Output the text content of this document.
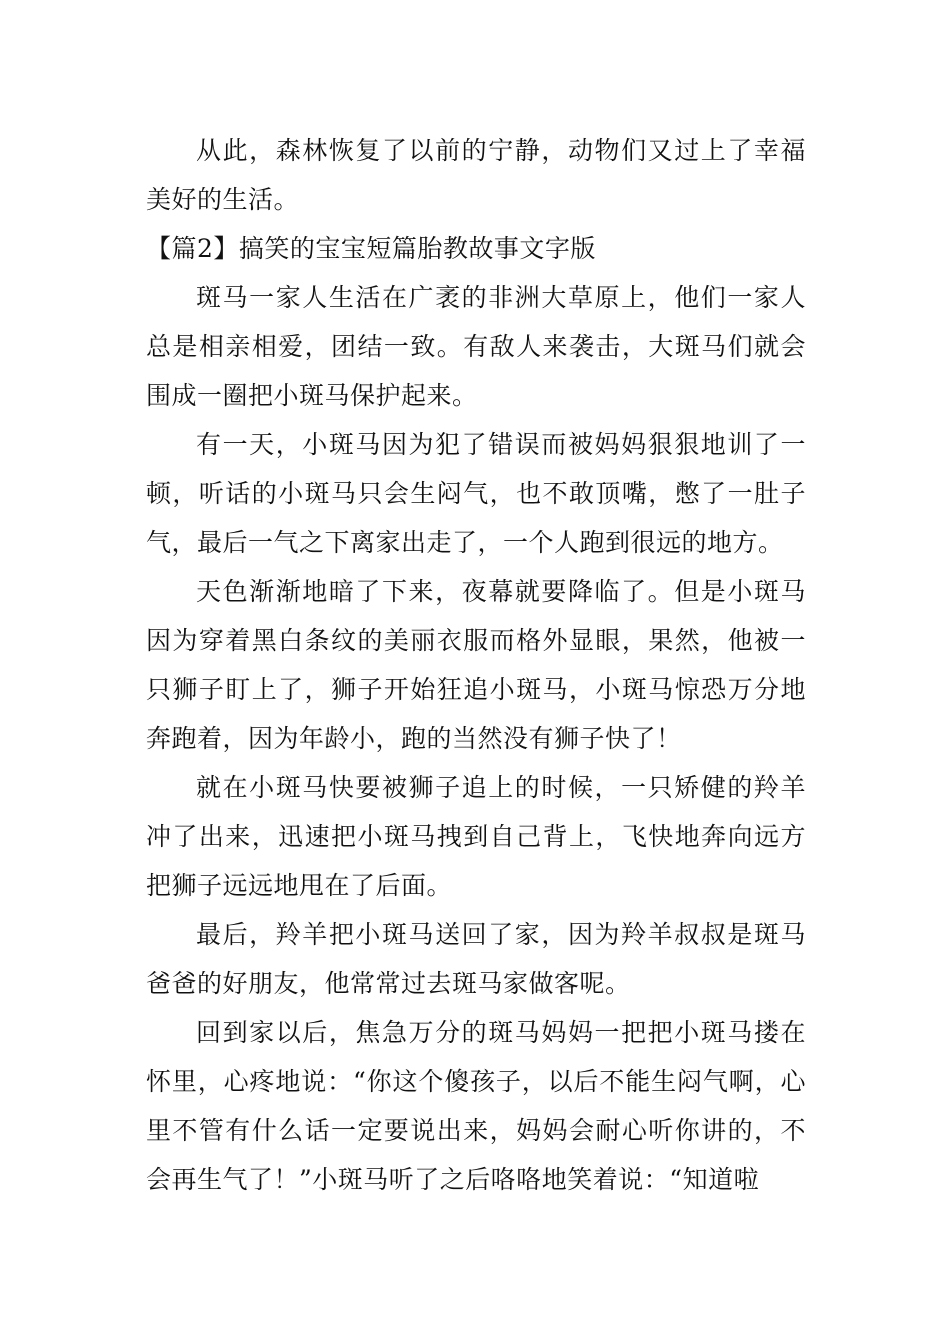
从此，森林恢复了以前的宁静，动物们又过上了幸福美好的生活。

【篇2】搞笑的宝宝短篇胎教故事文字版

斑马一家人生活在广袤的非洲大草原上，他们一家人总是相亲相爱，团结一致。有敌人来袭击，大斑马们就会围成一圈把小斑马保护起来。

有一天，小斑马因为犯了错误而被妈妈狠狠地训了一顿，听话的小斑马只会生闷气，也不敢顶嘴，憋了一肚子气，最后一气之下离家出走了，一个人跑到很远的地方。

天色渐渐地暗了下来，夜幕就要降临了。但是小斑马因为穿着黑白条纹的美丽衣服而格外显眼，果然，他被一只狮子盯上了，狮子开始狂追小斑马，小斑马惊恐万分地奔跑着，因为年龄小，跑的当然没有狮子快了！

就在小斑马快要被狮子追上的时候，一只矫健的羚羊冲了出来，迅速把小斑马拽到自己背上，飞快地奔向远方把狮子远远地甩在了后面。

最后，羚羊把小斑马送回了家，因为羚羊叔叔是斑马爸爸的好朋友，他常常过去斑马家做客呢。

回到家以后，焦急万分的斑马妈妈一把把小斑马搂在怀里，心疼地说：“你这个傻孩子，以后不能生闷气啊，心里不管有什么话一定要说出来，妈妈会耐心听你讲的，不会再生气了！”小斑马听了之后咯咯地笑着说：“知道啦
